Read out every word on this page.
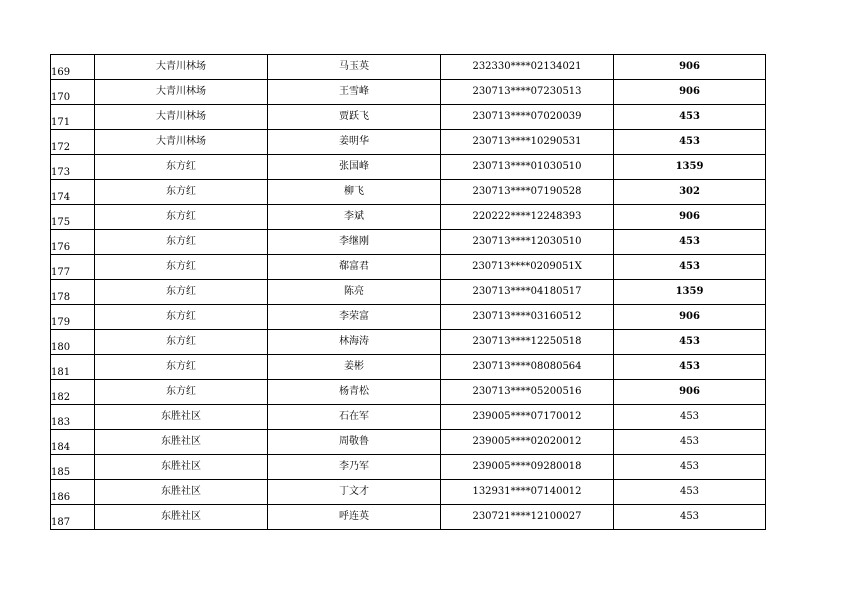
169	大青川林场	马玉英	232330****02134021	906
170	大青川林场	王雪峰	230713****07230513	906
171	大青川林场	贾跃飞	230713****07020039	453
172	大青川林场	姜明华	230713****10290531	453
173	东方红	张国峰	230713****01030510	1359
174	东方红	柳飞	230713****07190528	302
175	东方红	李斌	220222****12248393	906
176	东方红	李继刚	230713****12030510	453
177	东方红	郗富君	230713****0209051X	453
178	东方红	陈亮	230713****04180517	1359
179	东方红	李荣富	230713****03160512	906
180	东方红	林海涛	230713****12250518	453
181	东方红	姜彬	230713****08080564	453
182	东方红	杨青松	230713****05200516	906
183	东胜社区	石在军	239005****07170012	453
184	东胜社区	周敬鲁	239005****02020012	453
185	东胜社区	李乃军	239005****09280018	453
186	东胜社区	丁文才	132931****07140012	453
187	东胜社区	呼连英	230721****12100027	453
